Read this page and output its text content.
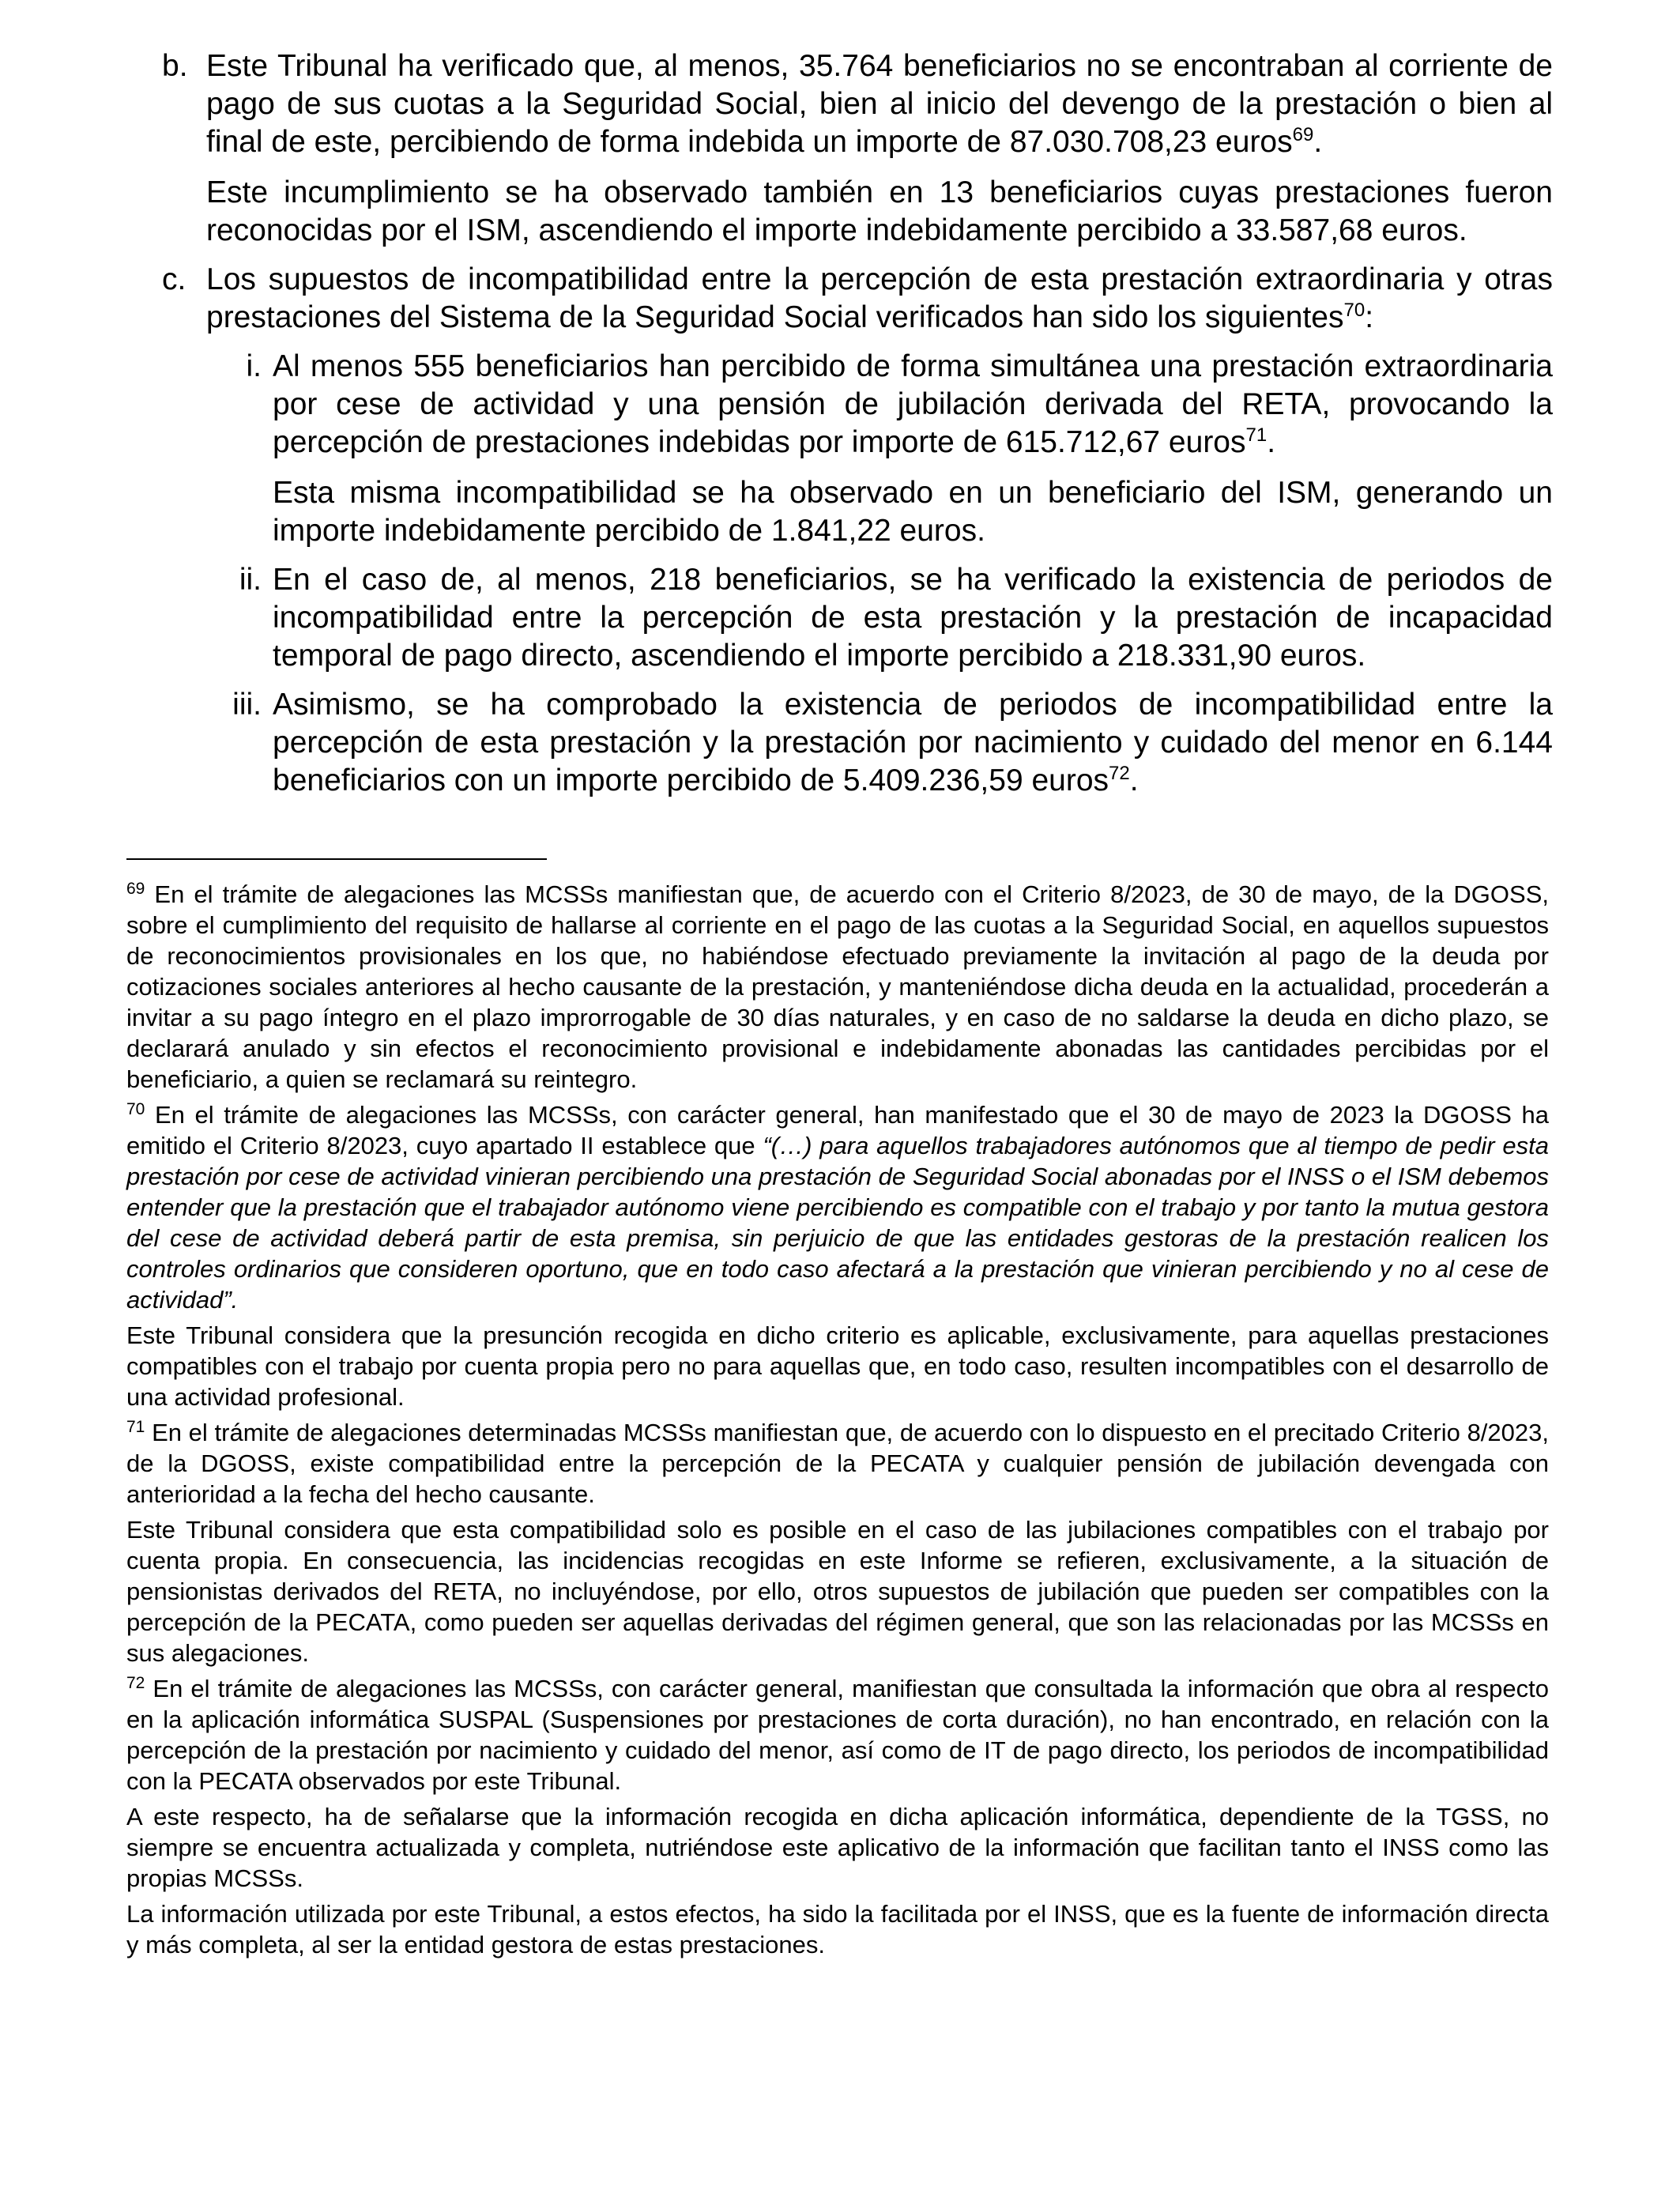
b. Este Tribunal ha verificado que, al menos, 35.764 beneficiarios no se encontraban al corriente de pago de sus cuotas a la Seguridad Social, bien al inicio del devengo de la prestación o bien al final de este, percibiendo de forma indebida un importe de 87.030.708,23 euros$^{69}$.

Este incumplimiento se ha observado también en 13 beneficiarios cuyas prestaciones fueron reconocidas por el ISM, ascendiendo el importe indebidamente percibido a 33.587,68 euros.

c. Los supuestos de incompatibilidad entre la percepción de esta prestación extraordinaria y otras prestaciones del Sistema de la Seguridad Social verificados han sido los siguientes$^{70}$:

i. Al menos 555 beneficiarios han percibido de forma simultánea una prestación extraordinaria por cese de actividad y una pensión de jubilación derivada del RETA, provocando la percepción de prestaciones indebidas por importe de 615.712,67 euros$^{71}$.

Esta misma incompatibilidad se ha observado en un beneficiario del ISM, generando un importe indebidamente percibido de 1.841,22 euros.

ii. En el caso de, al menos, 218 beneficiarios, se ha verificado la existencia de periodos de incompatibilidad entre la percepción de esta prestación y la prestación de incapacidad temporal de pago directo, ascendiendo el importe percibido a 218.331,90 euros.

iii. Asimismo, se ha comprobado la existencia de periodos de incompatibilidad entre la percepción de esta prestación y la prestación por nacimiento y cuidado del menor en 6.144 beneficiarios con un importe percibido de 5.409.236,59 euros$^{72}$.

$^{69}$ En el trámite de alegaciones las MCSSs manifiestan que, de acuerdo con el Criterio 8/2023, de 30 de mayo, de la DGOSS, sobre el cumplimiento del requisito de hallarse al corriente en el pago de las cuotas a la Seguridad Social, en aquellos supuestos de reconocimientos provisionales en los que, no habiéndose efectuado previamente la invitación al pago de la deuda por cotizaciones sociales anteriores al hecho causante de la prestación, y manteniéndose dicha deuda en la actualidad, procederán a invitar a su pago íntegro en el plazo improrrogable de 30 días naturales, y en caso de no saldarse la deuda en dicho plazo, se declarará anulado y sin efectos el reconocimiento provisional e indebidamente abonadas las cantidades percibidas por el beneficiario, a quien se reclamará su reintegro.

$^{70}$ En el trámite de alegaciones las MCSSs, con carácter general, han manifestado que el 30 de mayo de 2023 la DGOSS ha emitido el Criterio 8/2023, cuyo apartado II establece que “(…) para aquellos trabajadores autónomos que al tiempo de pedir esta prestación por cese de actividad vinieran percibiendo una prestación de Seguridad Social abonadas por el INSS o el ISM debemos entender que la prestación que el trabajador autónomo viene percibiendo es compatible con el trabajo y por tanto la mutua gestora del cese de actividad deberá partir de esta premisa, sin perjuicio de que las entidades gestoras de la prestación realicen los controles ordinarios que consideren oportuno, que en todo caso afectará a la prestación que vinieran percibiendo y no al cese de actividad”.

Este Tribunal considera que la presunción recogida en dicho criterio es aplicable, exclusivamente, para aquellas prestaciones compatibles con el trabajo por cuenta propia pero no para aquellas que, en todo caso, resulten incompatibles con el desarrollo de una actividad profesional.

$^{71}$ En el trámite de alegaciones determinadas MCSSs manifiestan que, de acuerdo con lo dispuesto en el precitado Criterio 8/2023, de la DGOSS, existe compatibilidad entre la percepción de la PECATA y cualquier pensión de jubilación devengada con anterioridad a la fecha del hecho causante.

Este Tribunal considera que esta compatibilidad solo es posible en el caso de las jubilaciones compatibles con el trabajo por cuenta propia. En consecuencia, las incidencias recogidas en este Informe se refieren, exclusivamente, a la situación de pensionistas derivados del RETA, no incluyéndose, por ello, otros supuestos de jubilación que pueden ser compatibles con la percepción de la PECATA, como pueden ser aquellas derivadas del régimen general, que son las relacionadas por las MCSSs en sus alegaciones.

$^{72}$ En el trámite de alegaciones las MCSSs, con carácter general, manifiestan que consultada la información que obra al respecto en la aplicación informática SUSPAL (Suspensiones por prestaciones de corta duración), no han encontrado, en relación con la percepción de la prestación por nacimiento y cuidado del menor, así como de IT de pago directo, los periodos de incompatibilidad con la PECATA observados por este Tribunal.

A este respecto, ha de señalarse que la información recogida en dicha aplicación informática, dependiente de la TGSS, no siempre se encuentra actualizada y completa, nutriéndose este aplicativo de la información que facilitan tanto el INSS como las propias MCSSs.

La información utilizada por este Tribunal, a estos efectos, ha sido la facilitada por el INSS, que es la fuente de información directa y más completa, al ser la entidad gestora de estas prestaciones.
